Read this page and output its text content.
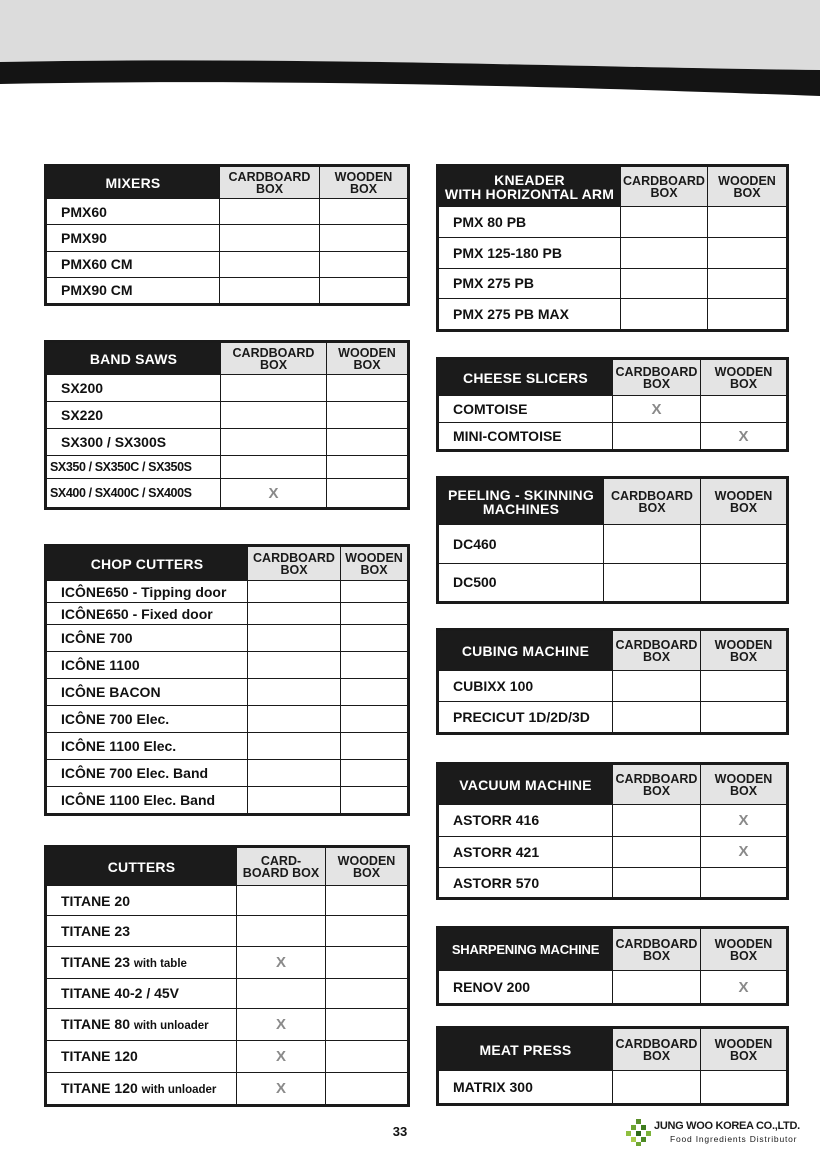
MIXERS	CARDBOARD BOX	WOODEN BOX
PMX60		
PMX90		
PMX60 CM		
PMX90 CM		
BAND SAWS	CARDBOARD BOX	WOODEN BOX
SX200		
SX220		
SX300 / SX300S		
SX350 / SX350C / SX350S		
SX400 / SX400C / SX400S	X	
CHOP CUTTERS	CARDBOARD BOX	WOODEN BOX
ICÔNE650 - Tipping door		
ICÔNE650 - Fixed door		
ICÔNE 700		
ICÔNE 1100		
ICÔNE BACON		
ICÔNE 700 Elec.		
ICÔNE 1100 Elec.		
ICÔNE 700 Elec. Band		
ICÔNE 1100 Elec. Band		
CUTTERS	CARD-
BOARD BOX	WOODEN BOX
TITANE 20		
TITANE 23		
TITANE 23 with table	X	
TITANE 40-2 / 45V		
TITANE 80 with unloader	X	
TITANE 120	X	
TITANE 120 with unloader	X	
KNEADER
WITH HORIZONTAL ARM	CARDBOARD BOX	WOODEN BOX
PMX 80 PB		
PMX 125-180 PB		
PMX 275 PB		
PMX 275 PB MAX		
CHEESE SLICERS	CARDBOARD BOX	WOODEN BOX
COMTOISE	X	
MINI-COMTOISE		X
PEELING - SKINNING
MACHINES	CARDBOARD BOX	WOODEN BOX
DC460		
DC500		
CUBING MACHINE	CARDBOARD BOX	WOODEN BOX
CUBIXX 100		
PRECICUT 1D/2D/3D		
VACUUM MACHINE	CARDBOARD BOX	WOODEN BOX
ASTORR 416		X
ASTORR 421		X
ASTORR 570		
SHARPENING MACHINE	CARDBOARD BOX	WOODEN BOX
RENOV 200		X
MEAT PRESS	CARDBOARD BOX	WOODEN BOX
MATRIX 300		
33	JUNG WOO KOREA CO.,LTD.
Food Ingredients Distributor
